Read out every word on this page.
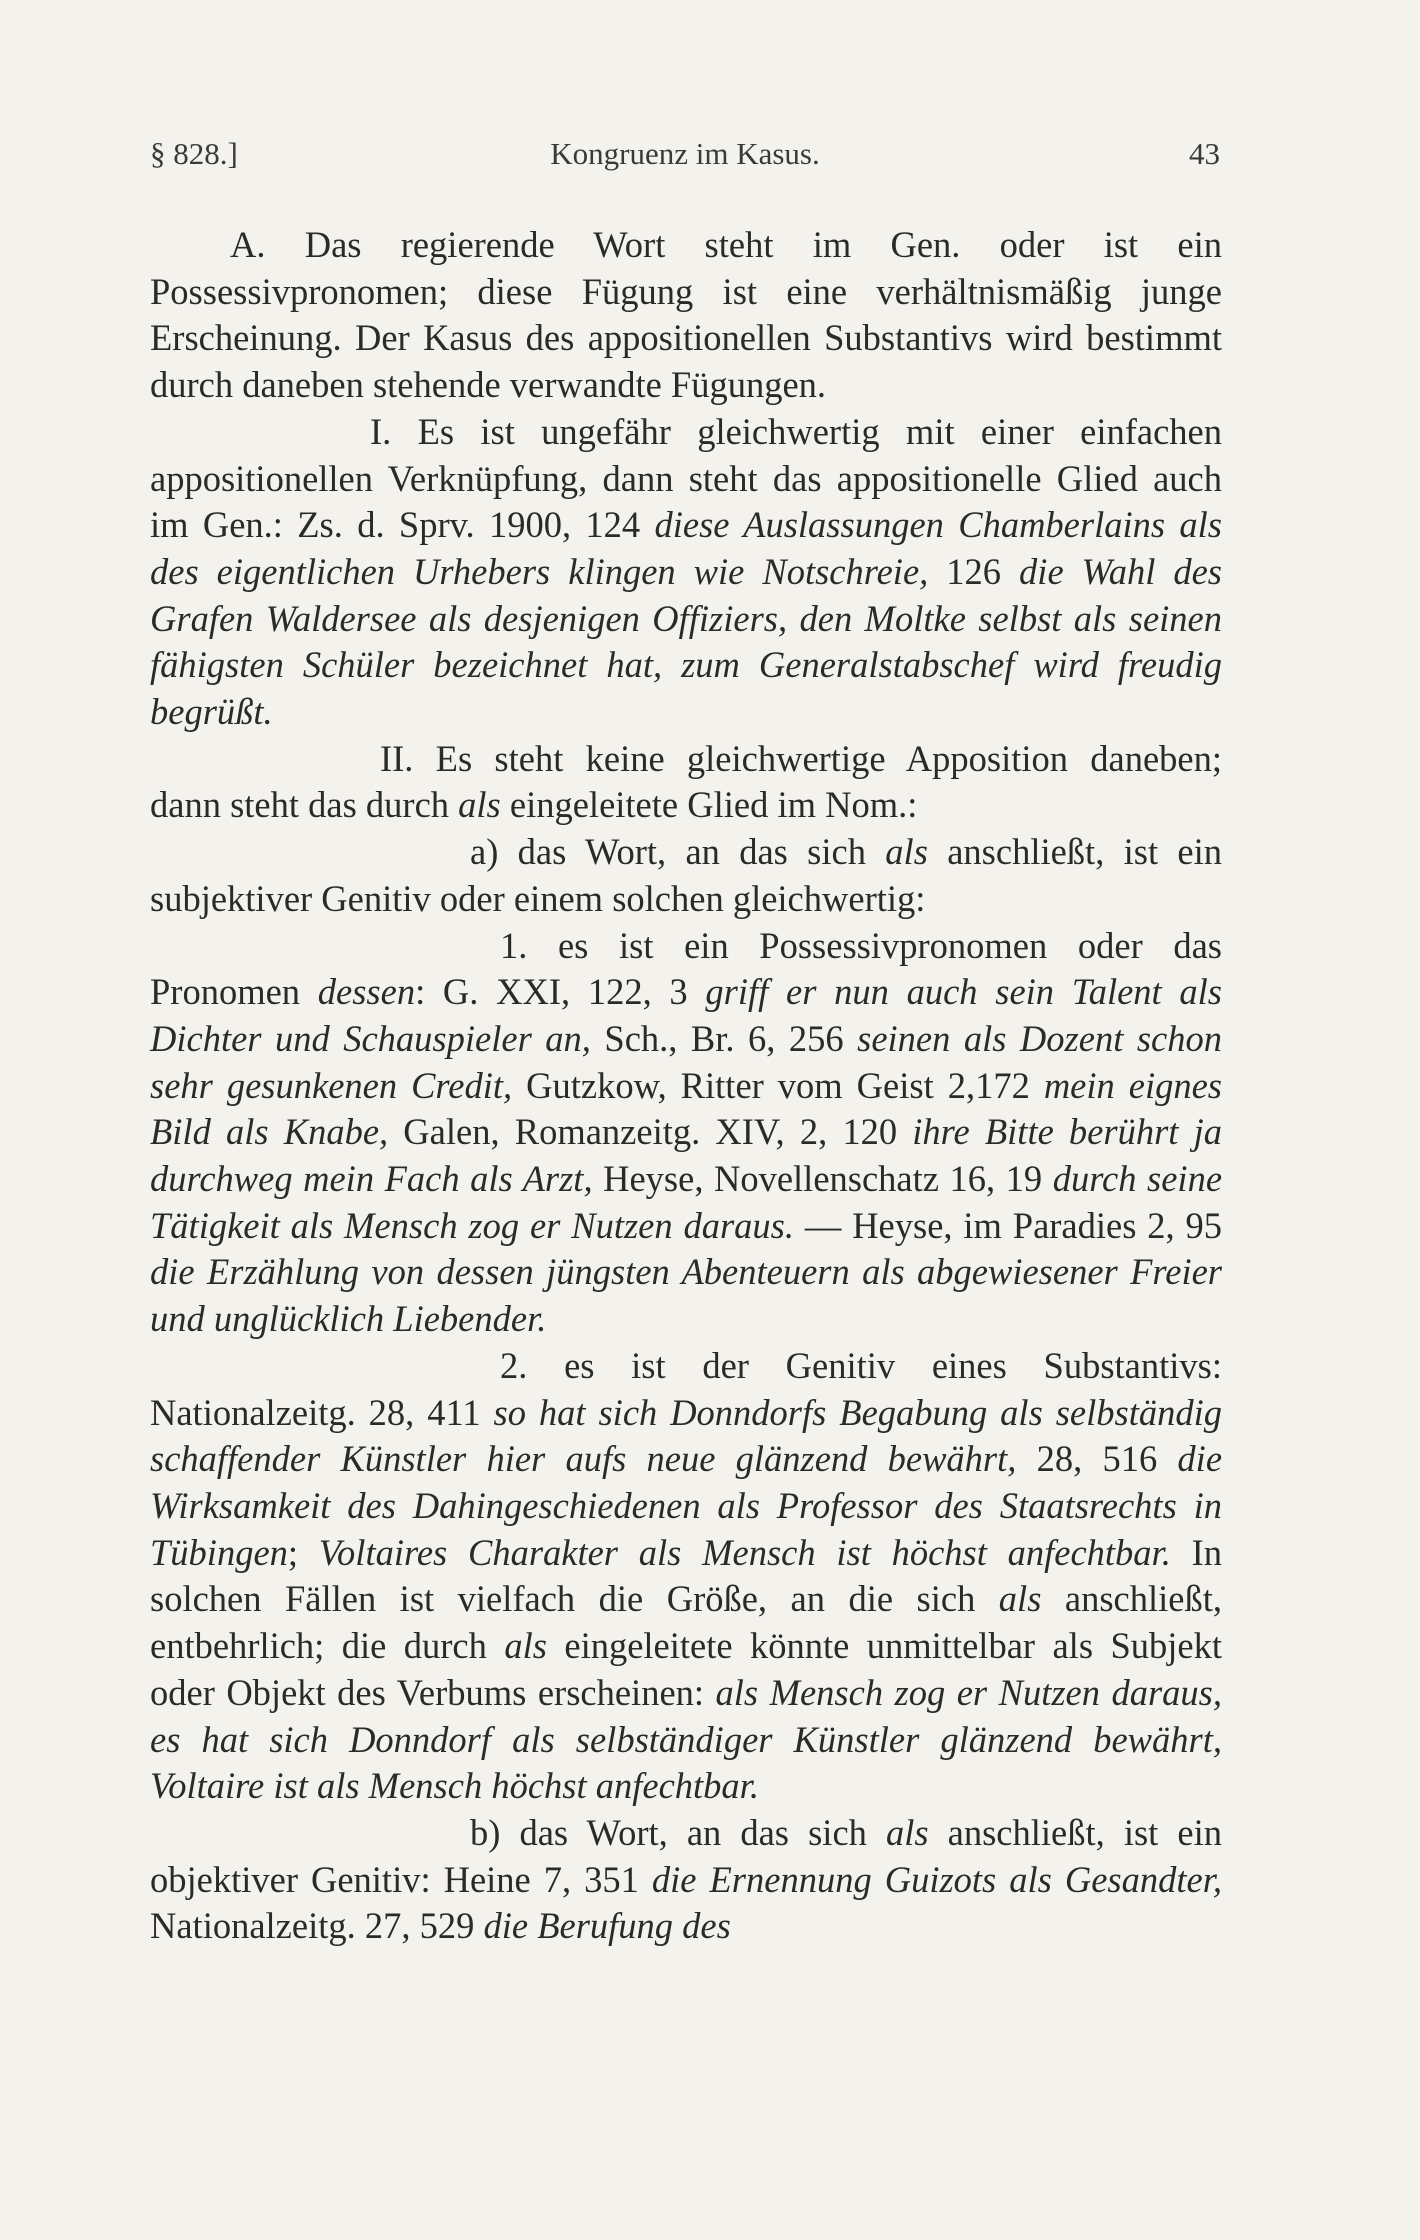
§ 828.]	Kongruenz im Kasus.	43

A. Das regierende Wort steht im Gen. oder ist ein Possessivpronomen; diese Fügung ist eine verhältnismäßig junge Erscheinung. Der Kasus des appositionellen Substantivs wird bestimmt durch daneben stehende verwandte Fügungen.

I. Es ist ungefähr gleichwertig mit einer einfachen appositionellen Verknüpfung, dann steht das appositionelle Glied auch im Gen.: Zs. d. Sprv. 1900, 124 diese Auslassungen Chamberlains als des eigentlichen Urhebers klingen wie Notschreie, 126 die Wahl des Grafen Waldersee als desjenigen Offiziers, den Moltke selbst als seinen fähigsten Schüler bezeichnet hat, zum Generalstabschef wird freudig begrüßt.

II. Es steht keine gleichwertige Apposition daneben; dann steht das durch als eingeleitete Glied im Nom.:

a) das Wort, an das sich als anschließt, ist ein subjektiver Genitiv oder einem solchen gleichwertig:

1. es ist ein Possessivpronomen oder das Pronomen dessen: G. XXI, 122, 3 griff er nun auch sein Talent als Dichter und Schauspieler an, Sch., Br. 6, 256 seinen als Dozent schon sehr gesunkenen Credit, Gutzkow, Ritter vom Geist 2,172 mein eignes Bild als Knabe, Galen, Romanzeitg. XIV, 2, 120 ihre Bitte berührt ja durchweg mein Fach als Arzt, Heyse, Novellenschatz 16, 19 durch seine Tätigkeit als Mensch zog er Nutzen daraus. — Heyse, im Paradies 2, 95 die Erzählung von dessen jüngsten Abenteuern als abgewiesener Freier und unglücklich Liebender.

2. es ist der Genitiv eines Substantivs: Nationalzeitg. 28, 411 so hat sich Donndorfs Begabung als selbständig schaffender Künstler hier aufs neue glänzend bewährt, 28, 516 die Wirksamkeit des Dahingeschiedenen als Professor des Staatsrechts in Tübingen; Voltaires Charakter als Mensch ist höchst anfechtbar. In solchen Fällen ist vielfach die Größe, an die sich als anschließt, entbehrlich; die durch als eingeleitete könnte unmittelbar als Subjekt oder Objekt des Verbums erscheinen: als Mensch zog er Nutzen daraus, es hat sich Donndorf als selbständiger Künstler glänzend bewährt, Voltaire ist als Mensch höchst anfechtbar.

b) das Wort, an das sich als anschließt, ist ein objektiver Genitiv: Heine 7, 351 die Ernennung Guizots als Gesandter, Nationalzeitg. 27, 529 die Berufung des
